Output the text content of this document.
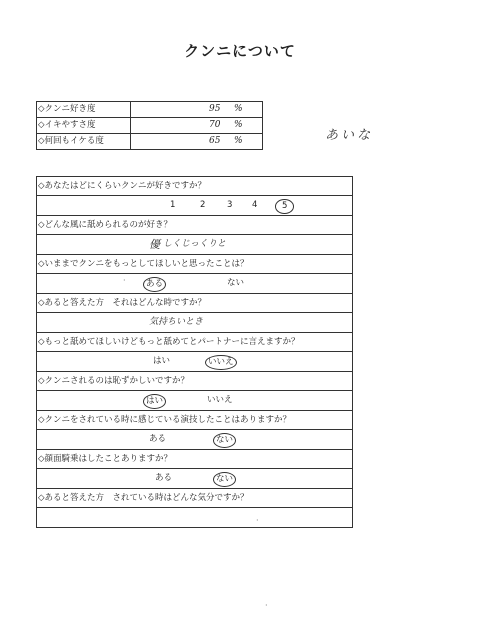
クンニについて
◇クンニ好き度	95 %
◇イキやすさ度	70 %
◇何回もイケる度	65 %	あいな
◇あなたはどにくらいクンニが好きですか？
1	2	3 4	5
◇どんな風に舐められるのが好き？
優 しくじっくりと
◇いままでクンニをもっとしてほしいと思ったことは？
·	ある	ない
◇あると答えた方　それはどんな時ですか？
気持ちいとき
◇もっと舐めてほしいけどもっと舐めてとパートナーに言えますか？
はい	いいえ
◇クンニされるのは恥ずかしいですか？
はい	いいえ
◇クンニをされている時に感じている演技したことはありますか？
ある	ない
◇顔面騎乗はしたことありますか？
ある	ない
◇あると答えた方　されている時はどんな気分ですか？
·
·
